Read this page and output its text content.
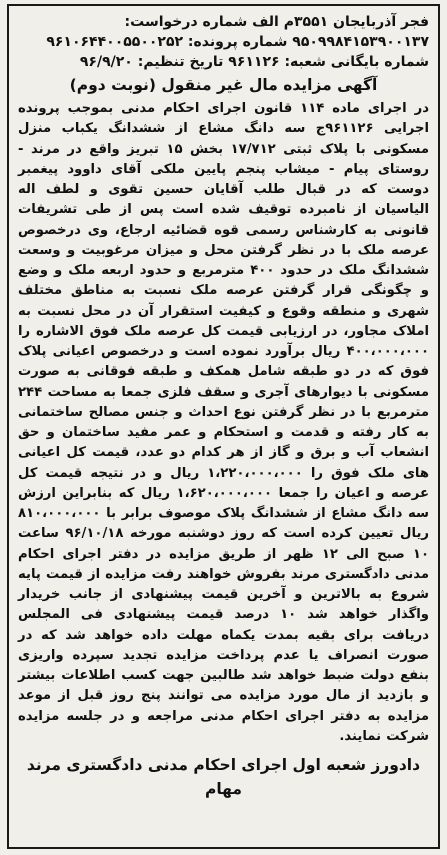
فجر آذربایجان ۳۵۵۱م الف شماره درخواست:
۹۵۰۹۹۸۴۱۵۳۹۰۰۱۳۷ شماره پرونده: ۹۶۱۰۶۴۴۰۰۵۵۰۰۲۵۲
شماره بایگانی شعبه: ۹۶۱۱۲۶ تاریخ تنظیم: ۹۶/۹/۲۰
آگهی مزایده مال غیر منقول (نوبت دوم)
در اجرای ماده ۱۱۴ قانون اجرای احکام مدنی بموجب پرونده اجرایی ۹۶۱۱۲۶ج سه دانگ مشاع از ششدانگ یکباب منزل مسکونی با پلاک ثبتی ۱۷/۷۱۲ بخش ۱۵ تبریز واقع در مرند - روستای پیام - میشاب پنجم پایین ملکی آقای داوود پیغمبر دوست که در قبال طلب آقایان حسین تقوی و لطف اله الیاسیان از نامبرده توقیف شده است پس از طی تشریفات قانونی به کارشناس رسمی قوه قضائیه ارجاع، وی درخصوص عرصه ملک با در نظر گرفتن محل و میزان مرغوبیت و وسعت ششدانگ ملک در حدود ۴۰۰ مترمربع و حدود اربعه ملک و وضع و چگونگی قرار گرفتن عرصه ملک نسبت به مناطق مختلف شهری و منطقه وقوع و کیفیت استقرار آن در محل نسبت به املاک مجاور، در ارزیابی قیمت کل عرصه ملک فوق الاشاره را ۴۰۰،۰۰۰،۰۰۰ ریال برآورد نموده است و درخصوص اعیانی پلاک فوق که در دو طبقه شامل همکف و طبقه فوقانی به صورت مسکونی با دیوارهای آجری و سقف فلزی جمعا به مساحت ۲۴۴ مترمربع با در نظر گرفتن نوع احداث و جنس مصالح ساختمانی به کار رفته و قدمت و استحکام و عمر مفید ساختمان و حق انشعاب آب و برق و گاز از هر کدام دو عدد، قیمت کل اعیانی های ملک فوق را ۱،۲۲۰،۰۰۰،۰۰۰ ریال و در نتیجه قیمت کل عرصه و اعیان را جمعا ۱،۶۲۰،۰۰۰،۰۰۰ ریال که بنابراین ارزش سه دانگ مشاع از ششدانگ پلاک موصوف برابر با ۸۱۰،۰۰۰،۰۰۰ ریال تعیین کرده است که روز دوشنبه مورخه ۹۶/۱۰/۱۸ ساعت ۱۰ صبح الی ۱۲ ظهر از طریق مزایده در دفتر اجرای احکام مدنی دادگستری مرند بفروش خواهند رفت مزایده از قیمت پایه شروع به بالاترین و آخرین قیمت پیشنهادی از جانب خریدار واگذار خواهد شد ۱۰ درصد قیمت پیشنهادی فی المجلس دریافت برای بقیه بمدت یکماه مهلت داده خواهد شد که در صورت انصراف یا عدم پرداخت مزایده تجدید سپرده واریزی بنفع دولت ضبط خواهد شد طالبین جهت کسب اطلاعات بیشتر و بازدید از مال مورد مزایده می توانند پنج روز قبل از موعد مزایده به دفتر اجرای احکام مدنی مراجعه و در جلسه مزایده شرکت نمایند.
دادورز شعبه اول اجرای احکام مدنی دادگستری مرند
مهام
